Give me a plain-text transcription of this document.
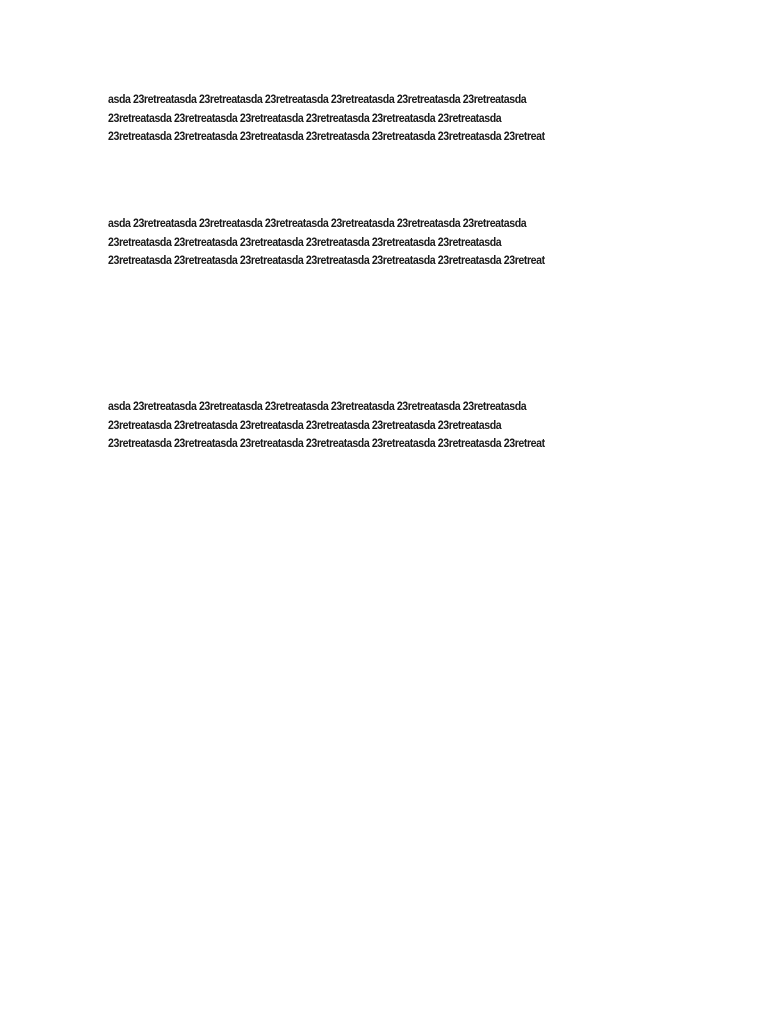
asda 23retreatasda 23retreatasda 23retreatasda 23retreatasda 23retreatasda 23retreatasda
23retreatasda 23retreatasda 23retreatasda 23retreatasda 23retreatasda 23retreatasda
23retreatasda 23retreatasda 23retreatasda 23retreatasda 23retreatasda 23retreatasda 23retreat
asda 23retreatasda 23retreatasda 23retreatasda 23retreatasda 23retreatasda 23retreatasda
23retreatasda 23retreatasda 23retreatasda 23retreatasda 23retreatasda 23retreatasda
23retreatasda 23retreatasda 23retreatasda 23retreatasda 23retreatasda 23retreatasda 23retreat
asda 23retreatasda 23retreatasda 23retreatasda 23retreatasda 23retreatasda 23retreatasda
23retreatasda 23retreatasda 23retreatasda 23retreatasda 23retreatasda 23retreatasda
23retreatasda 23retreatasda 23retreatasda 23retreatasda 23retreatasda 23retreatasda 23retreat
